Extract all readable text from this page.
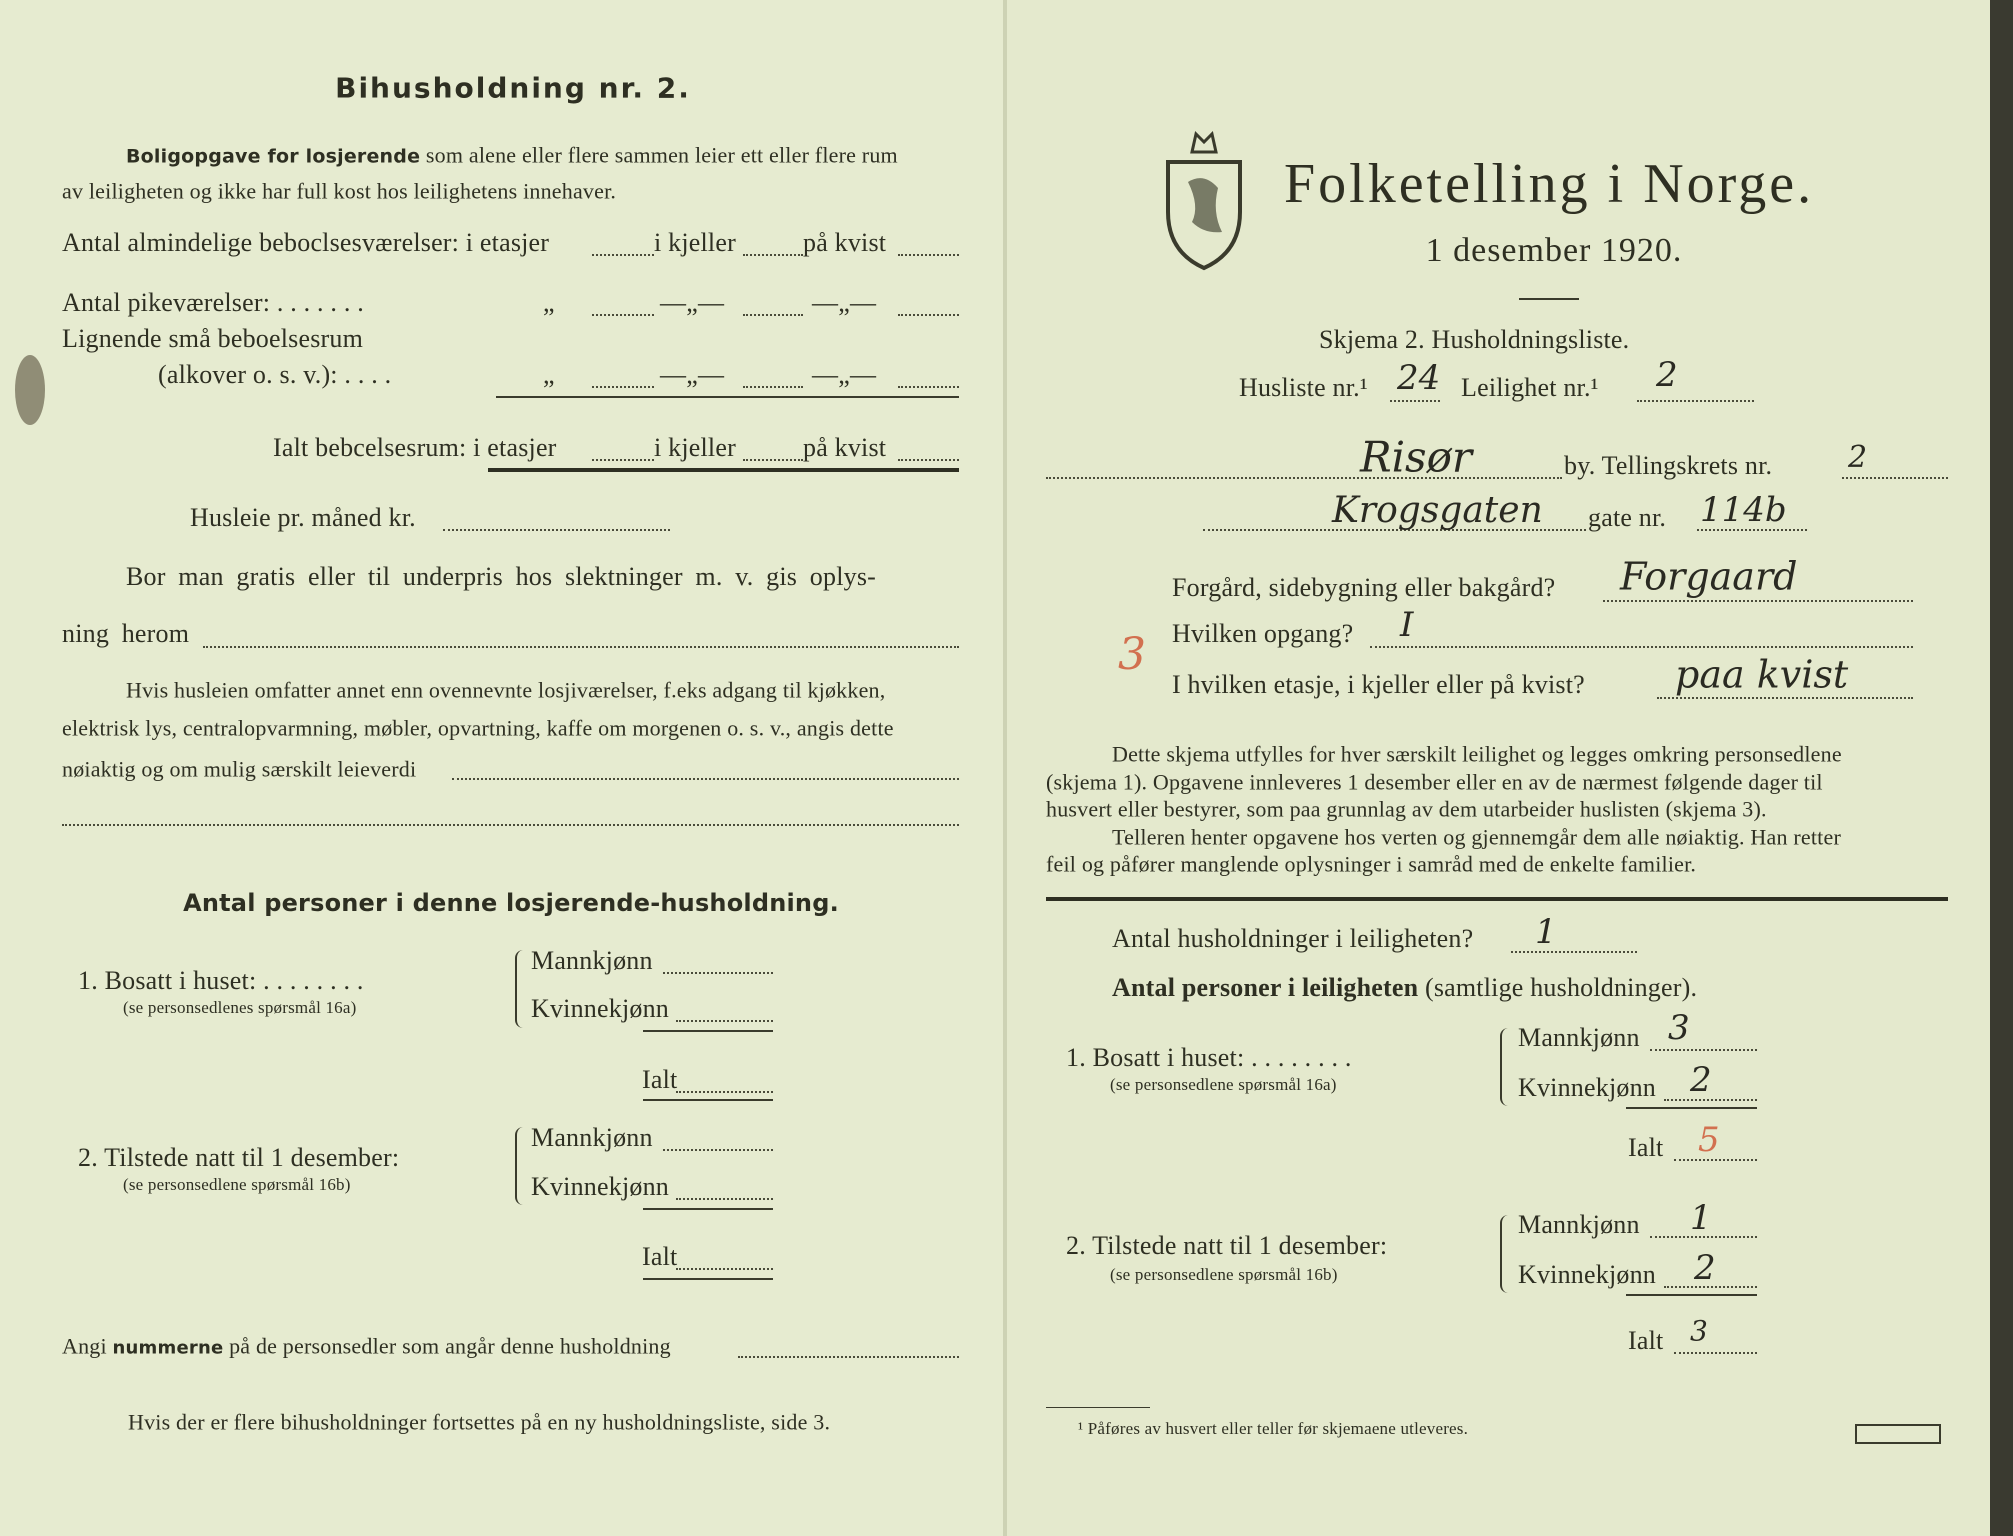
Bihusholdning nr. 2.
Boligopgave for losjerende som alene eller flere sammen leier ett eller flere rum
av leiligheten og ikke har full kost hos leilighetens innehaver.
Antal almindelige beboclsesværelser: i etasjer	i kjeller	på kvist
Antal pikeværelser: . . . . . . .	„	—„—	—„—
Lignende små beboelsesrum
(alkover o. s. v.): . . . .	„	—„—	—„—
Ialt bebcelsesrum: i etasjer	i kjeller	på kvist
Husleie pr. måned kr.
Bor man gratis eller til underpris hos slektninger m. v. gis oplys-
ning herom
Hvis husleien omfatter annet enn ovennevnte losjiværelser, f.eks adgang til kjøkken,
elektrisk lys, centralopvarmning, møbler, opvartning, kaffe om morgenen o. s. v., angis dette
nøiaktig og om mulig særskilt leieverdi
Antal personer i denne losjerende-husholdning.
1. Bosatt i huset: . . . . . . . .
(se personsedlenes spørsmål 16a)
Mannkjønn
Kvinnekjønn
Ialt
2. Tilstede natt til 1 desember:
(se personsedlene spørsmål 16b)
Mannkjønn
Kvinnekjønn
Ialt
Angi nummerne på de personsedler som angår denne husholdning
Hvis der er flere bihusholdninger fortsettes på en ny husholdningsliste, side 3.
Folketelling i Norge.
1 desember 1920.
Skjema 2. Husholdningsliste.
Husliste nr.¹ 24 Leilighet nr.¹ 2
Risør	by. Tellingskrets nr.	2
Krogsgaten gate nr. 114b
Forgård, sidebygning eller bakgård? Forgaard
3 Hvilken opgang? I
I hvilken etasje, i kjeller eller på kvist? paa kvist
Dette skjema utfylles for hver særskilt leilighet og legges omkring personsedlene
(skjema 1). Opgavene innleveres 1 desember eller en av de nærmest følgende dager til
husvert eller bestyrer, som paa grunnlag av dem utarbeider huslisten (skjema 3).
Telleren henter opgavene hos verten og gjennemgår dem alle nøiaktig. Han retter
feil og påfører manglende oplysninger i samråd med de enkelte familier.
Antal husholdninger i leiligheten? 1
Antal personer i leiligheten (samtlige husholdninger).
1. Bosatt i huset: . . . . . . . .
(se personsedlene spørsmål 16a)
Mannkjønn 3
Kvinnekjønn 2
Ialt 5
2. Tilstede natt til 1 desember:
(se personsedlene spørsmål 16b)
Mannkjønn 1
Kvinnekjønn 2
Ialt 3
¹ Påføres av husvert eller teller før skjemaene utleveres.
